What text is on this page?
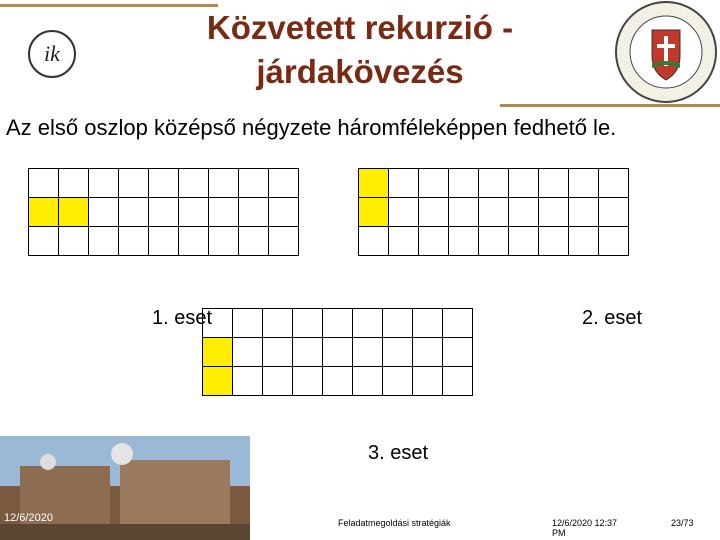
ik
Közvetett rekurzió -
járdakövezés
Az első oszlop középső négyzete háromféleképpen fedhető le.

1. eset	2. eset
3. eset
12/6/2020	Feladatmegoldási stratégiák	12/6/2020 12:37 PM
23/73
